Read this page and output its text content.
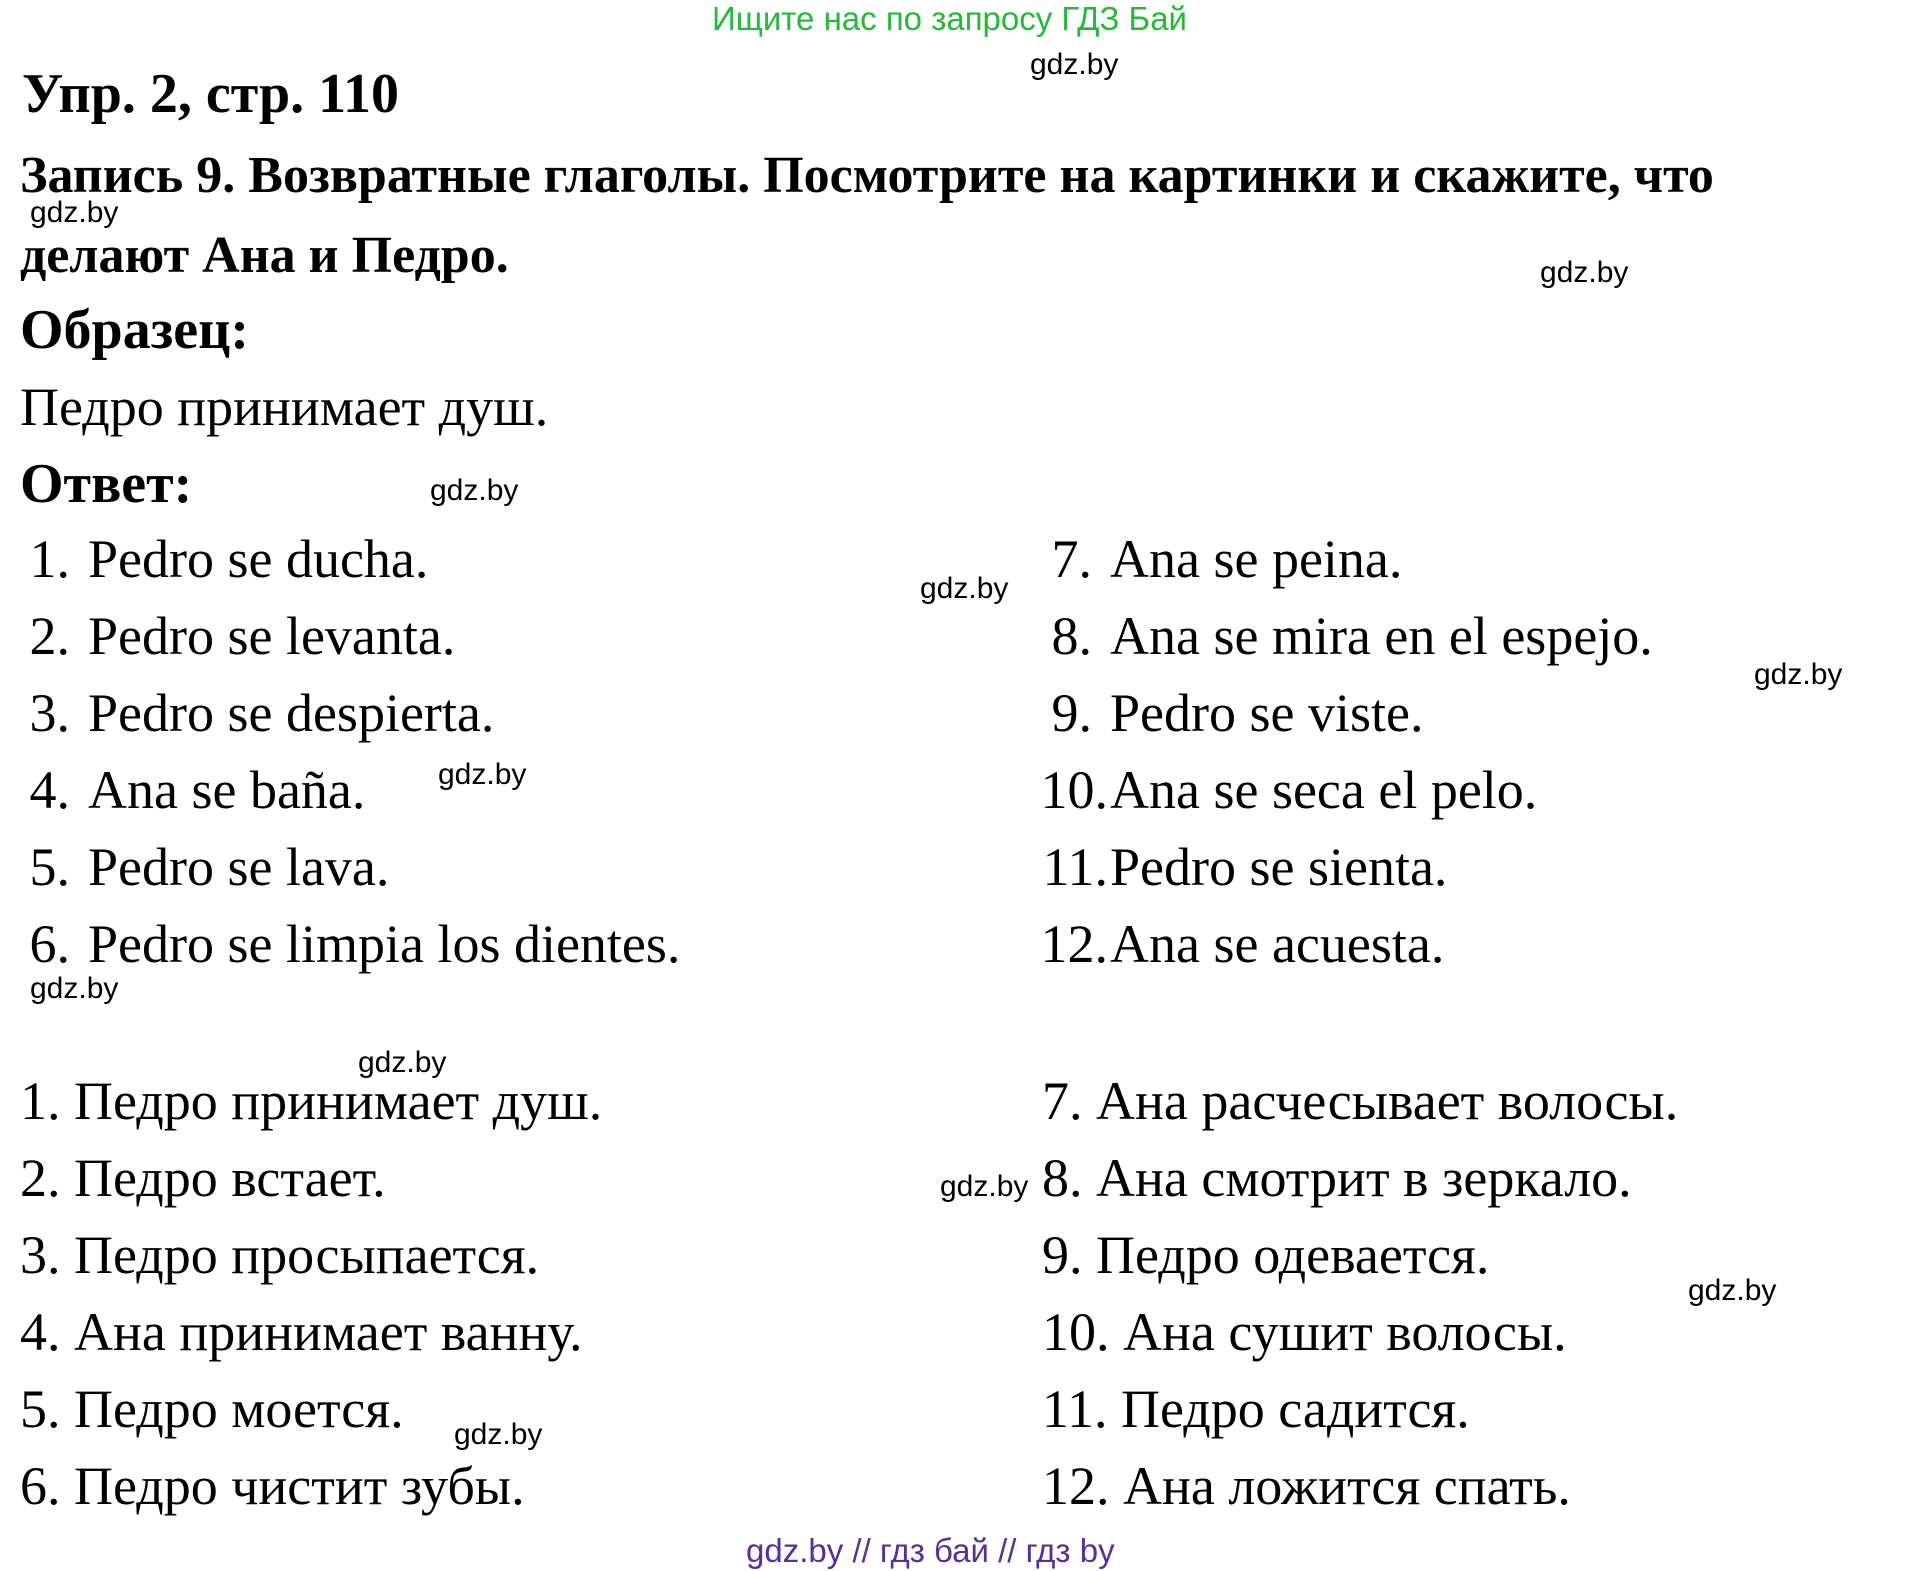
Ищите нас по запросу ГДЗ Бай
Упр. 2, стр. 110
Запись 9. Возвратные глаголы. Посмотрите на картинки и скажите, что
делают Ана и Педро.
Образец:
Педро принимает душ.
Ответ:
1. Pedro se ducha.
2. Pedro se levanta.
3. Pedro se despierta.
4. Ana se baña.
5. Pedro se lava.
6. Pedro se limpia los dientes.
7. Ana se peina.
8. Ana se mira en el espejo.
9. Pedro se viste.
10.Ana se seca el pelo.
11.Pedro se sienta.
12.Ana se acuesta.
1. Педро принимает душ.
2. Педро встает.
3. Педро просыпается.
4. Ана принимает ванну.
5. Педро моется.
6. Педро чистит зубы.
7. Ана расчесывает волосы.
8. Ана смотрит в зеркало.
9. Педро одевается.
10. Ана сушит волосы.
11. Педро садится.
12. Ана ложится спать.
gdz.by
gdz.by
gdz.by
gdz.by
gdz.by
gdz.by
gdz.by
gdz.by
gdz.by
gdz.by
gdz.by
gdz.by
gdz.by // гдз бай // гдз by
